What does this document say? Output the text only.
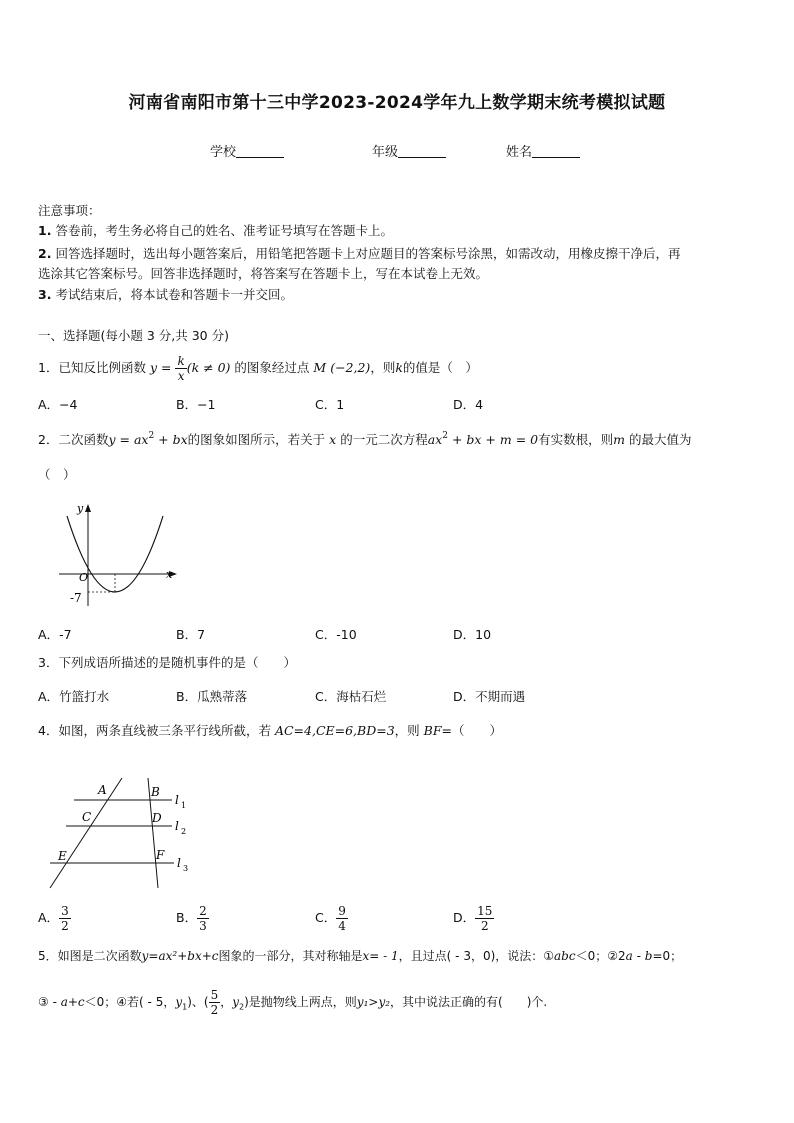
河南省南阳市第十三中学2023-2024学年九上数学期末统考模拟试题
学校	年级	姓名
注意事项：
1. 答卷前，考生务必将自己的姓名、准考证号填写在答题卡上。
2. 回答选择题时，选出每小题答案后，用铅笔把答题卡上对应题目的答案标号涂黑，如需改动，用橡皮擦干净后，再
选涂其它答案标号。回答非选择题时，将答案写在答题卡上，写在本试卷上无效。
3. 考试结束后，将本试卷和答题卡一并交回。
一、选择题(每小题 3 分,共 30 分)
1．已知反比例函数 $y = \frac{k}{x} (k \ne 0)$ 的图象经过点 M (−2,2)，则k的值是（　）
A．−4	B．−1	C．1	D．4
2．二次函数$y = ax^2$ + bx的图象如图所示，若关于 x 的一元二次方程$ax^2$ + bx + m = 0有实数根，则m 的最大值为
（　）
y
x
O
-7
A．-7	B．7	C．-10	D．10
3．下列成语所描述的是随机事件的是（　　）
A．竹篮打水	B．瓜熟蒂落	C．海枯石烂	D．不期而遇
4．如图，两条直线被三条平行线所截，若 AC=4,CE=6,BD=3，则 BF=（　　）
A	B
C	D
E	F
l 1
l 2
l 3
A． $\frac{3}{2}$	B． $\frac{2}{3}$	C． $\frac{9}{4}$	D． $\frac{15}{2}$
5．如图是二次函数y=ax²+bx+c图象的一部分，其对称轴是x= - 1，且过点( - 3，0)，说法：①abc＜0；②2a - b=0；
③ - a+c＜0；④若( - 5，$y_1$)、( $\frac{5}{2}$ ，$y_2$)是抛物线上两点，则y₁>y₂，其中说法正确的有(　　)个.
